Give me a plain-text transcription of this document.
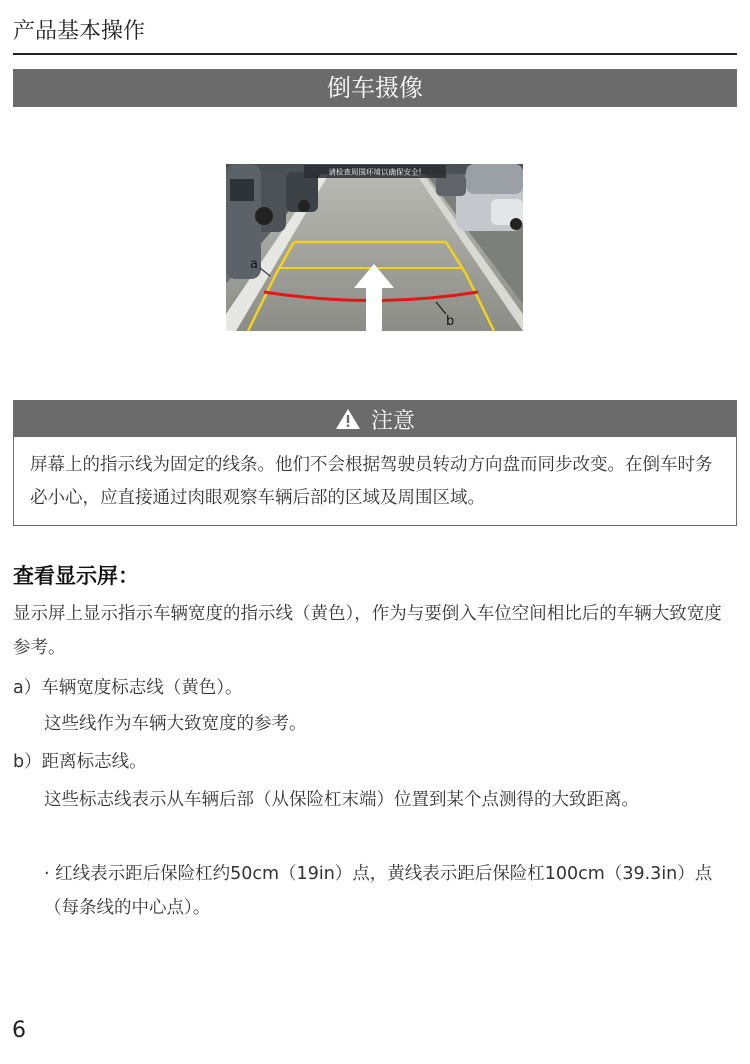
产品基本操作
倒车摄像
请检查周围环境以确保安全!
a
b
注意
屏幕上的指示线为固定的线条。他们不会根据驾驶员转动方向盘而同步改变。在倒车时务必小心，应直接通过肉眼观察车辆后部的区域及周围区域。
查看显示屏：
显示屏上显示指示车辆宽度的指示线（黄色），作为与要倒入车位空间相比后的车辆大致宽度参考。
a）车辆宽度标志线（黄色）。
这些线作为车辆大致宽度的参考。
b）距离标志线。
这些标志线表示从车辆后部（从保险杠末端）位置到某个点测得的大致距离。
· 红线表示距后保险杠约50cm（19in）点，黄线表示距后保险杠100cm（39.3in）点（每条线的中心点）。
6
